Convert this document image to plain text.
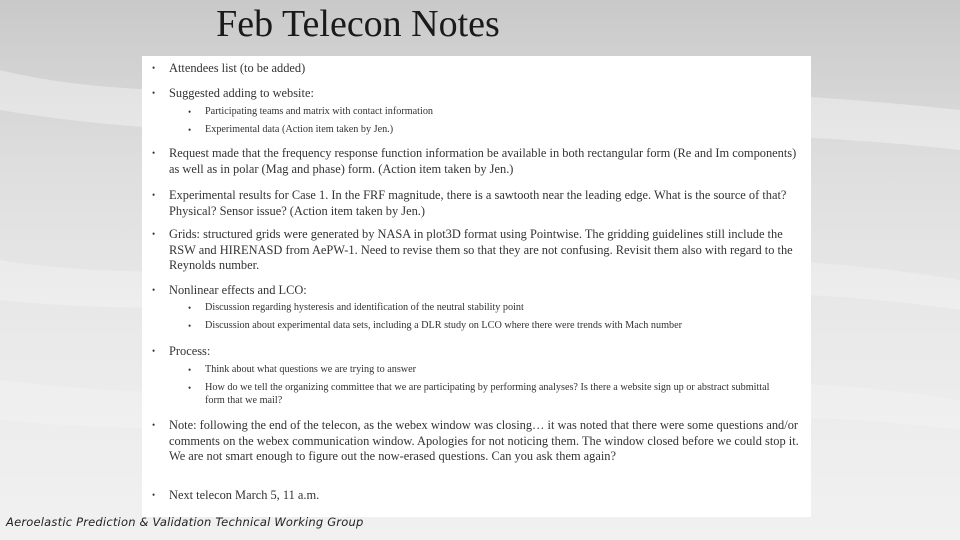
Feb Telecon Notes
• Attendees list (to be added)
• Suggested adding to website:
• Participating teams and matrix with contact information
• Experimental data (Action item taken by Jen.)
• Request made that the frequency response function information be available in both rectangular form (Re and Im components) as well as in polar (Mag and phase) form. (Action item taken by Jen.)
• Experimental results for Case 1. In the FRF magnitude, there is a sawtooth near the leading edge. What is the source of that? Physical? Sensor issue? (Action item taken by Jen.)
• Grids: structured grids were generated by NASA in plot3D format using Pointwise. The gridding guidelines still include the RSW and HIRENASD from AePW-1. Need to revise them so that they are not confusing. Revisit them also with regard to the Reynolds number.
• Nonlinear effects and LCO:
• Discussion regarding hysteresis and identification of the neutral stability point
• Discussion about experimental data sets, including a DLR study on LCO where there were trends with Mach number
• Process:
• Think about what questions we are trying to answer
• How do we tell the organizing committee that we are participating by performing analyses? Is there a website sign up or abstract submittal form that we mail?
• Note: following the end of the telecon, as the webex window was closing… it was noted that there were some questions and/or comments on the webex communication window. Apologies for not noticing them. The window closed before we could stop it. We are not smart enough to figure out the now-erased questions. Can you ask them again?
• Next telecon March 5, 11 a.m.
Aeroelastic Prediction & Validation Technical Working Group
